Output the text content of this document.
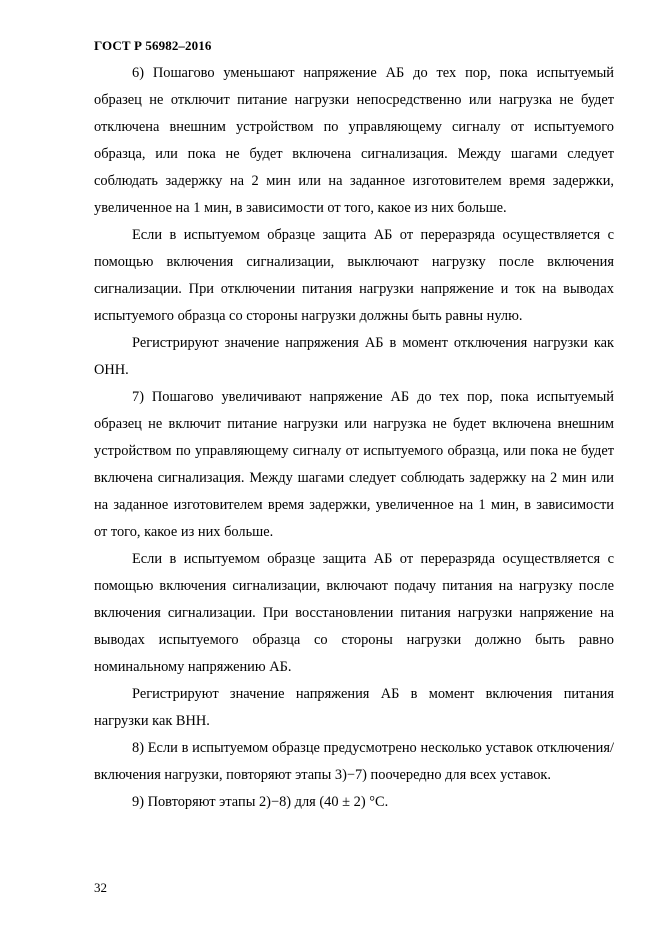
ГОСТ Р 56982–2016

6) Пошагово уменьшают напряжение АБ до тех пор, пока испытуемый образец не отключит питание нагрузки непосредственно или нагрузка не будет отключена внешним устройством по управляющему сигналу от испытуемого образца, или пока не будет включена сигнализация. Между шагами следует соблюдать задержку на 2 мин или на заданное изготовителем время задержки, увеличенное на 1 мин, в зависимости от того, какое из них больше.

Если в испытуемом образце защита АБ от переразряда осуществляется с помощью включения сигнализации, выключают нагрузку после включения сигнализации. При отключении питания нагрузки напряжение и ток на выводах испытуемого образца со стороны нагрузки должны быть равны нулю.

Регистрируют значение напряжения АБ в момент отключения нагрузки как ОНН.

7) Пошагово увеличивают напряжение АБ до тех пор, пока испытуемый образец не включит питание нагрузки или нагрузка не будет включена внешним устройством по управляющему сигналу от испытуемого образца, или пока не будет включена сигнализация. Между шагами следует соблюдать задержку на 2 мин или на заданное изготовителем время задержки, увеличенное на 1 мин, в зависимости от того, какое из них больше.

Если в испытуемом образце защита АБ от переразряда осуществляется с помощью включения сигнализации, включают подачу питания на нагрузку после включения сигнализации. При восстановлении питания нагрузки напряжение на выводах испытуемого образца со стороны нагрузки должно быть равно номинальному напряжению АБ.

Регистрируют значение напряжения АБ в момент включения питания нагрузки как ВНН.

8) Если в испытуемом образце предусмотрено несколько уставок отключения/включения нагрузки, повторяют этапы 3)−7) поочередно для всех уставок.

9) Повторяют этапы 2)−8) для (40 ± 2) °С.

32
